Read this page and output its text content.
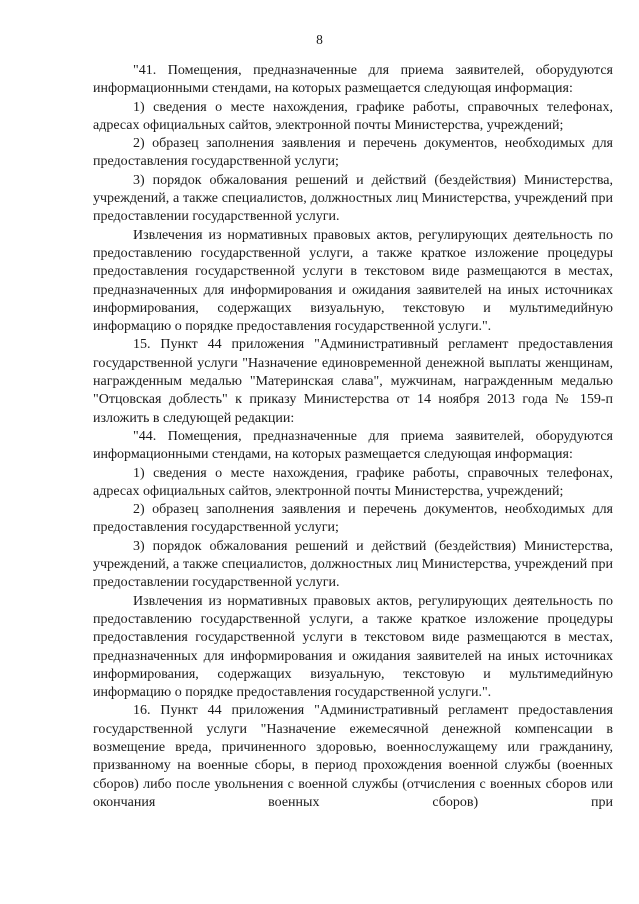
8

"41. Помещения, предназначенные для приема заявителей, оборудуются информационными стендами, на которых размещается следующая информация:

1) сведения о месте нахождения, графике работы, справочных телефонах, адресах официальных сайтов, электронной почты Министерства, учреждений;

2) образец заполнения заявления и перечень документов, необходимых для предоставления государственной услуги;

3) порядок обжалования решений и действий (бездействия) Министерства, учреждений, а также специалистов, должностных лиц Министерства, учреждений при предоставлении государственной услуги.

Извлечения из нормативных правовых актов, регулирующих деятельность по предоставлению государственной услуги, а также краткое изложение процедуры предоставления государственной услуги в текстовом виде размещаются в местах, предназначенных для информирования и ожидания заявителей на иных источниках информирования, содержащих визуальную, текстовую и мультимедийную информацию о порядке предоставления государственной услуги.".

15. Пункт 44 приложения "Административный регламент предоставления государственной услуги "Назначение единовременной денежной выплаты женщинам, награжденным медалью "Материнская слава", мужчинам, награжденным медалью "Отцовская доблесть" к приказу Министерства от 14 ноября 2013 года № 159-п изложить в следующей редакции:

"44. Помещения, предназначенные для приема заявителей, оборудуются информационными стендами, на которых размещается следующая информация:

1) сведения о месте нахождения, графике работы, справочных телефонах, адресах официальных сайтов, электронной почты Министерства, учреждений;

2) образец заполнения заявления и перечень документов, необходимых для предоставления государственной услуги;

3) порядок обжалования решений и действий (бездействия) Министерства, учреждений, а также специалистов, должностных лиц Министерства, учреждений при предоставлении государственной услуги.

Извлечения из нормативных правовых актов, регулирующих деятельность по предоставлению государственной услуги, а также краткое изложение процедуры предоставления государственной услуги в текстовом виде размещаются в местах, предназначенных для информирования и ожидания заявителей на иных источниках информирования, содержащих визуальную, текстовую и мультимедийную информацию о порядке предоставления государственной услуги.".

16. Пункт 44 приложения "Административный регламент предоставления государственной услуги "Назначение ежемесячной денежной компенсации в возмещение вреда, причиненного здоровью, военнослужащему или гражданину, призванному на военные сборы, в период прохождения военной службы (военных сборов) либо после увольнения с военной службы (отчисления с военных сборов или окончания военных сборов) при
